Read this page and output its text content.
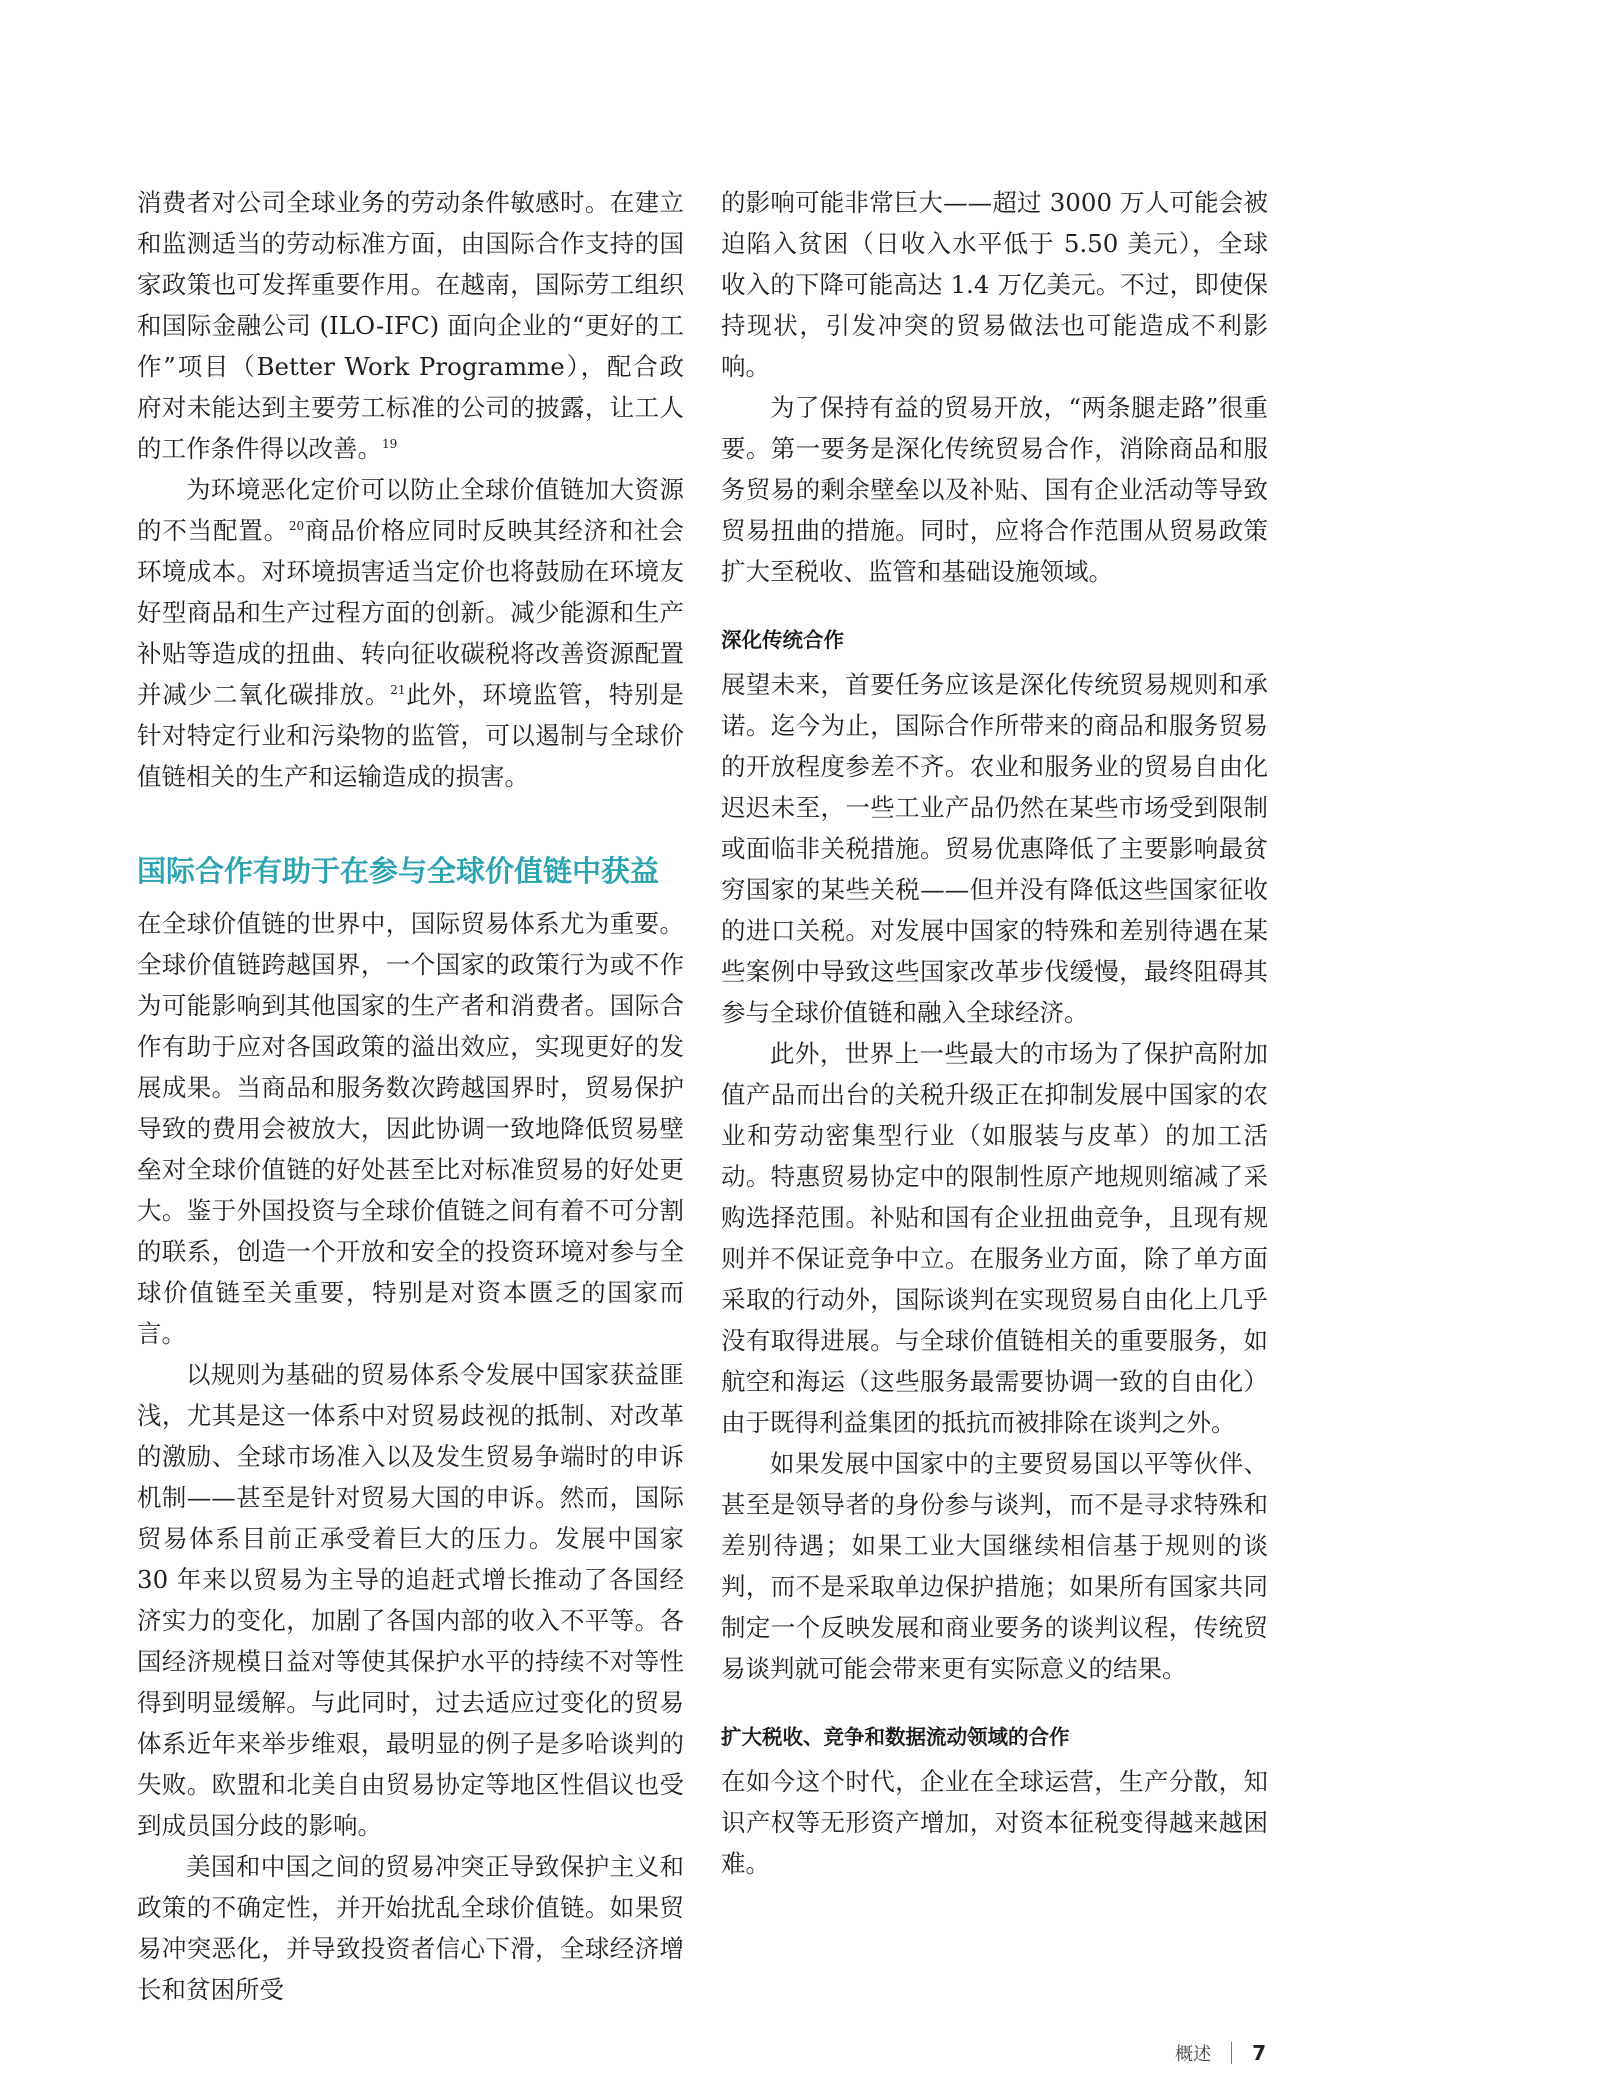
消费者对公司全球业务的劳动条件敏感时。在建立和监测适当的劳动标准方面，由国际合作支持的国家政策也可发挥重要作用。在越南，国际劳工组织和国际金融公司 (ILO-IFC) 面向企业的“更好的工作”项目（Better Work Programme），配合政府对未能达到主要劳工标准的公司的披露，让工人的工作条件得以改善。$^{19}$

为环境恶化定价可以防止全球价值链加大资源的不当配置。$^{20}$商品价格应同时反映其经济和社会环境成本。对环境损害适当定价也将鼓励在环境友好型商品和生产过程方面的创新。减少能源和生产补贴等造成的扭曲、转向征收碳税将改善资源配置并减少二氧化碳排放。$^{21}$此外，环境监管，特别是针对特定行业和污染物的监管，可以遏制与全球价值链相关的生产和运输造成的损害。

国际合作有助于在参与全球价值链中获益

在全球价值链的世界中，国际贸易体系尤为重要。全球价值链跨越国界，一个国家的政策行为或不作为可能影响到其他国家的生产者和消费者。国际合作有助于应对各国政策的溢出效应，实现更好的发展成果。当商品和服务数次跨越国界时，贸易保护导致的费用会被放大，因此协调一致地降低贸易壁垒对全球价值链的好处甚至比对标准贸易的好处更大。鉴于外国投资与全球价值链之间有着不可分割的联系，创造一个开放和安全的投资环境对参与全球价值链至关重要，特别是对资本匮乏的国家而言。

以规则为基础的贸易体系令发展中国家获益匪浅，尤其是这一体系中对贸易歧视的抵制、对改革的激励、全球市场准入以及发生贸易争端时的申诉机制——甚至是针对贸易大国的申诉。然而，国际贸易体系目前正承受着巨大的压力。发展中国家 30 年来以贸易为主导的追赶式增长推动了各国经济实力的变化，加剧了各国内部的收入不平等。各国经济规模日益对等使其保护水平的持续不对等性得到明显缓解。与此同时，过去适应过变化的贸易体系近年来举步维艰，最明显的例子是多哈谈判的失败。欧盟和北美自由贸易协定等地区性倡议也受到成员国分歧的影响。

美国和中国之间的贸易冲突正导致保护主义和政策的不确定性，并开始扰乱全球价值链。如果贸易冲突恶化，并导致投资者信心下滑，全球经济增长和贫困所受

的影响可能非常巨大——超过 3000 万人可能会被迫陷入贫困（日收入水平低于 5.50 美元），全球收入的下降可能高达 1.4 万亿美元。不过，即使保持现状，引发冲突的贸易做法也可能造成不利影响。

为了保持有益的贸易开放，“两条腿走路”很重要。第一要务是深化传统贸易合作，消除商品和服务贸易的剩余壁垒以及补贴、国有企业活动等导致贸易扭曲的措施。同时，应将合作范围从贸易政策扩大至税收、监管和基础设施领域。

深化传统合作

展望未来，首要任务应该是深化传统贸易规则和承诺。迄今为止，国际合作所带来的商品和服务贸易的开放程度参差不齐。农业和服务业的贸易自由化迟迟未至，一些工业产品仍然在某些市场受到限制或面临非关税措施。贸易优惠降低了主要影响最贫穷国家的某些关税——但并没有降低这些国家征收的进口关税。对发展中国家的特殊和差别待遇在某些案例中导致这些国家改革步伐缓慢，最终阻碍其参与全球价值链和融入全球经济。

此外，世界上一些最大的市场为了保护高附加值产品而出台的关税升级正在抑制发展中国家的农业和劳动密集型行业（如服装与皮革）的加工活动。特惠贸易协定中的限制性原产地规则缩减了采购选择范围。补贴和国有企业扭曲竞争，且现有规则并不保证竞争中立。在服务业方面，除了单方面采取的行动外，国际谈判在实现贸易自由化上几乎没有取得进展。与全球价值链相关的重要服务，如航空和海运（这些服务最需要协调一致的自由化）由于既得利益集团的抵抗而被排除在谈判之外。

如果发展中国家中的主要贸易国以平等伙伴、甚至是领导者的身份参与谈判，而不是寻求特殊和差别待遇；如果工业大国继续相信基于规则的谈判，而不是采取单边保护措施；如果所有国家共同制定一个反映发展和商业要务的谈判议程，传统贸易谈判就可能会带来更有实际意义的结果。

扩大税收、竞争和数据流动领域的合作

在如今这个时代，企业在全球运营，生产分散，知识产权等无形资产增加，对资本征税变得越来越困难。

概述 7
